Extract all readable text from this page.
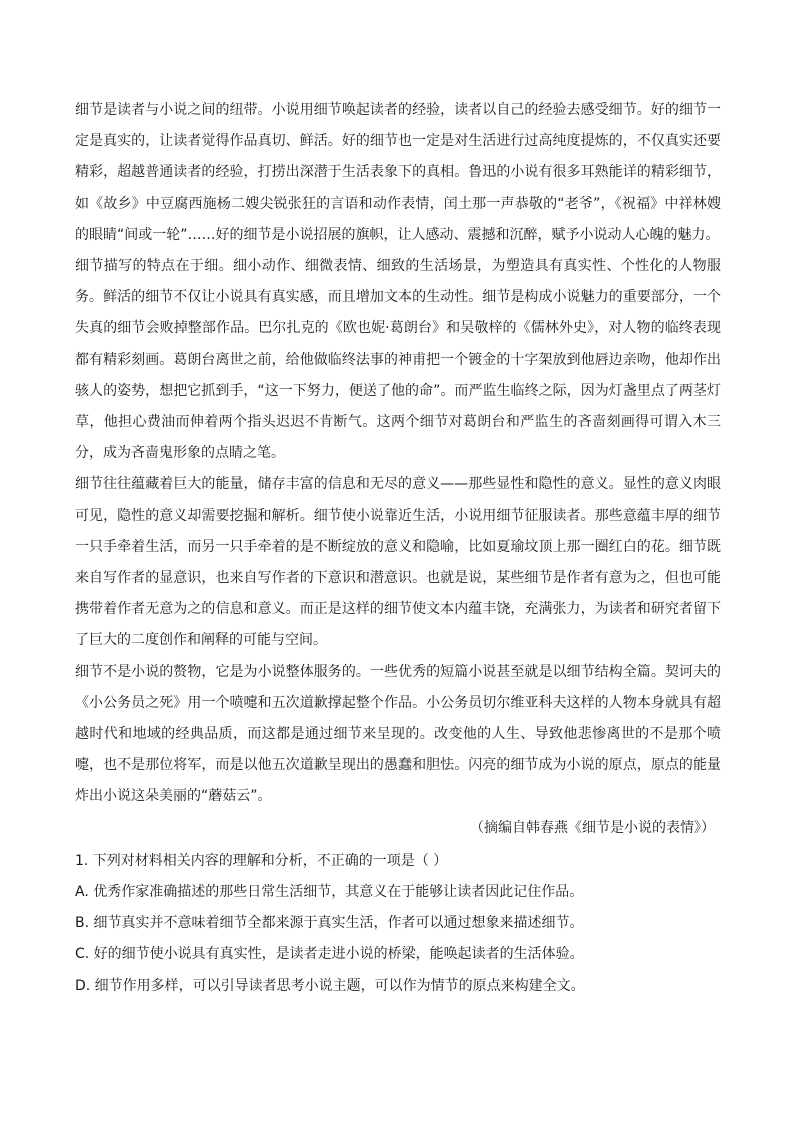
细节是读者与小说之间的纽带。小说用细节唤起读者的经验，读者以自己的经验去感受细节。好的细节一定是真实的，让读者觉得作品真切、鲜活。好的细节也一定是对生活进行过高纯度提炼的，不仅真实还要精彩，超越普通读者的经验，打捞出深潜于生活表象下的真相。鲁迅的小说有很多耳熟能详的精彩细节，如《故乡》中豆腐西施杨二嫂尖锐张狂的言语和动作表情，闰土那一声恭敬的“老爷”，《祝福》中祥林嫂的眼睛“间或一轮”……好的细节是小说招展的旗帜，让人感动、震撼和沉醉，赋予小说动人心魄的魅力。

细节描写的特点在于细。细小动作、细微表情、细致的生活场景，为塑造具有真实性、个性化的人物服务。鲜活的细节不仅让小说具有真实感，而且增加文本的生动性。细节是构成小说魅力的重要部分，一个失真的细节会败掉整部作品。巴尔扎克的《欧也妮·葛朗台》和吴敬梓的《儒林外史》，对人物的临终表现都有精彩刻画。葛朗台离世之前，给他做临终法事的神甫把一个镀金的十字架放到他唇边亲吻，他却作出骇人的姿势，想把它抓到手，“这一下努力，便送了他的命”。而严监生临终之际，因为灯盏里点了两茎灯草，他担心费油而伸着两个指头迟迟不肯断气。这两个细节对葛朗台和严监生的吝啬刻画得可谓入木三分，成为吝啬鬼形象的点睛之笔。

细节往往蕴藏着巨大的能量，储存丰富的信息和无尽的意义——那些显性和隐性的意义。显性的意义肉眼可见，隐性的意义却需要挖掘和解析。细节使小说靠近生活，小说用细节征服读者。那些意蕴丰厚的细节一只手牵着生活，而另一只手牵着的是不断绽放的意义和隐喻，比如夏瑜坟顶上那一圈红白的花。细节既来自写作者的显意识，也来自写作者的下意识和潜意识。也就是说，某些细节是作者有意为之，但也可能携带着作者无意为之的信息和意义。而正是这样的细节使文本内蕴丰饶，充满张力，为读者和研究者留下了巨大的二度创作和阐释的可能与空间。

细节不是小说的赘物，它是为小说整体服务的。一些优秀的短篇小说甚至就是以细节结构全篇。契诃夫的《小公务员之死》用一个喷嚏和五次道歉撑起整个作品。小公务员切尔维亚科夫这样的人物本身就具有超越时代和地域的经典品质，而这都是通过细节来呈现的。改变他的人生、导致他悲惨离世的不是那个喷嚏，也不是那位将军，而是以他五次道歉呈现出的愚蠢和胆怯。闪亮的细节成为小说的原点，原点的能量炸出小说这朵美丽的“蘑菇云”。

（摘编自韩春燕《细节是小说的表情》）

1. 下列对材料相关内容的理解和分析，不正确的一项是（ ）

A. 优秀作家准确描述的那些日常生活细节，其意义在于能够让读者因此记住作品。

B. 细节真实并不意味着细节全都来源于真实生活，作者可以通过想象来描述细节。

C. 好的细节使小说具有真实性，是读者走进小说的桥梁，能唤起读者的生活体验。

D. 细节作用多样，可以引导读者思考小说主题，可以作为情节的原点来构建全文。
